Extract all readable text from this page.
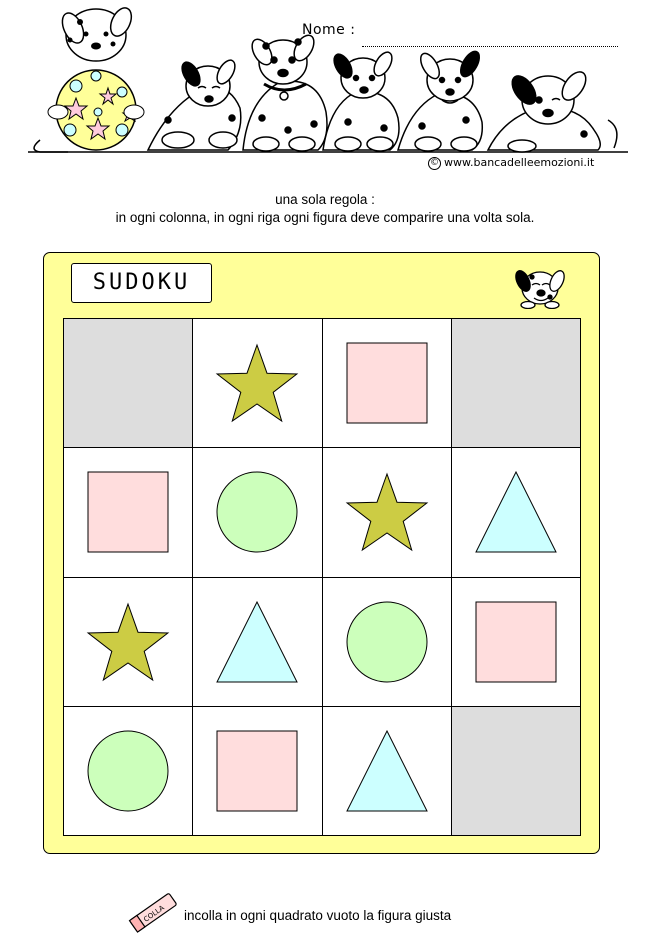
Nome :
© www.bancadelleemozioni.it
una sola regola :
in ogni colonna, in ogni riga ogni figura deve comparire una volta sola.
SUDOKU
COLLA incolla in ogni quadrato vuoto la figura giusta
